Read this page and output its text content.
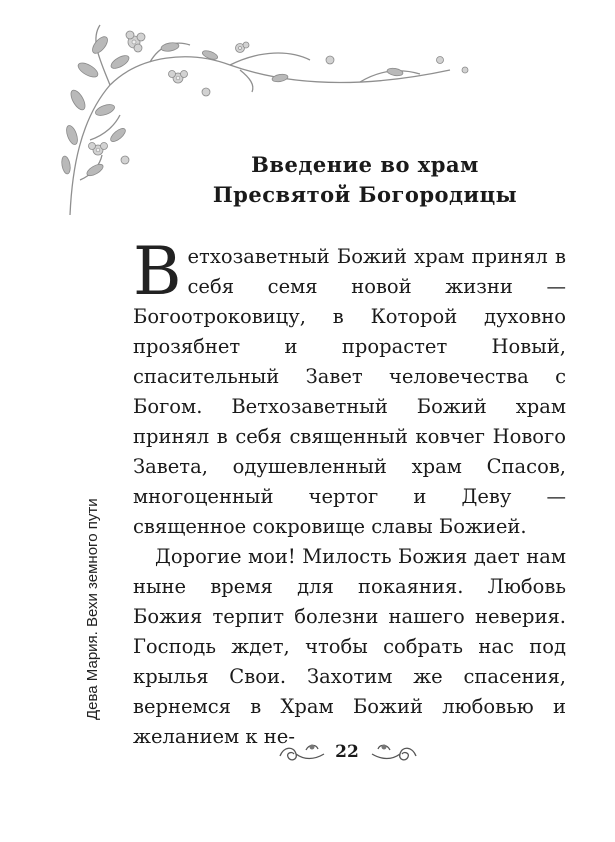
Введение во храм
Пресвятой Богородицы

Ветхозаветный Божий храм принял в себя семя новой жизни — Богоотроковицу, в Которой духовно прозябнет и прорастет Новый, спасительный Завет человечества с Богом. Ветхозаветный Божий храм принял в себя священный ковчег Нового Завета, одушевленный храм Спасов, многоценный чертог и Деву — священное сокровище славы Божией.

Дорогие мои! Милость Божия дает нам ныне время для покаяния. Любовь Божия терпит болезни нашего неверия. Господь ждет, чтобы собрать нас под крылья Свои. Захотим же спасения, вернемся в Храм Божий любовью и желанием к не-

Дева Мария. Вехи земного пути
22
